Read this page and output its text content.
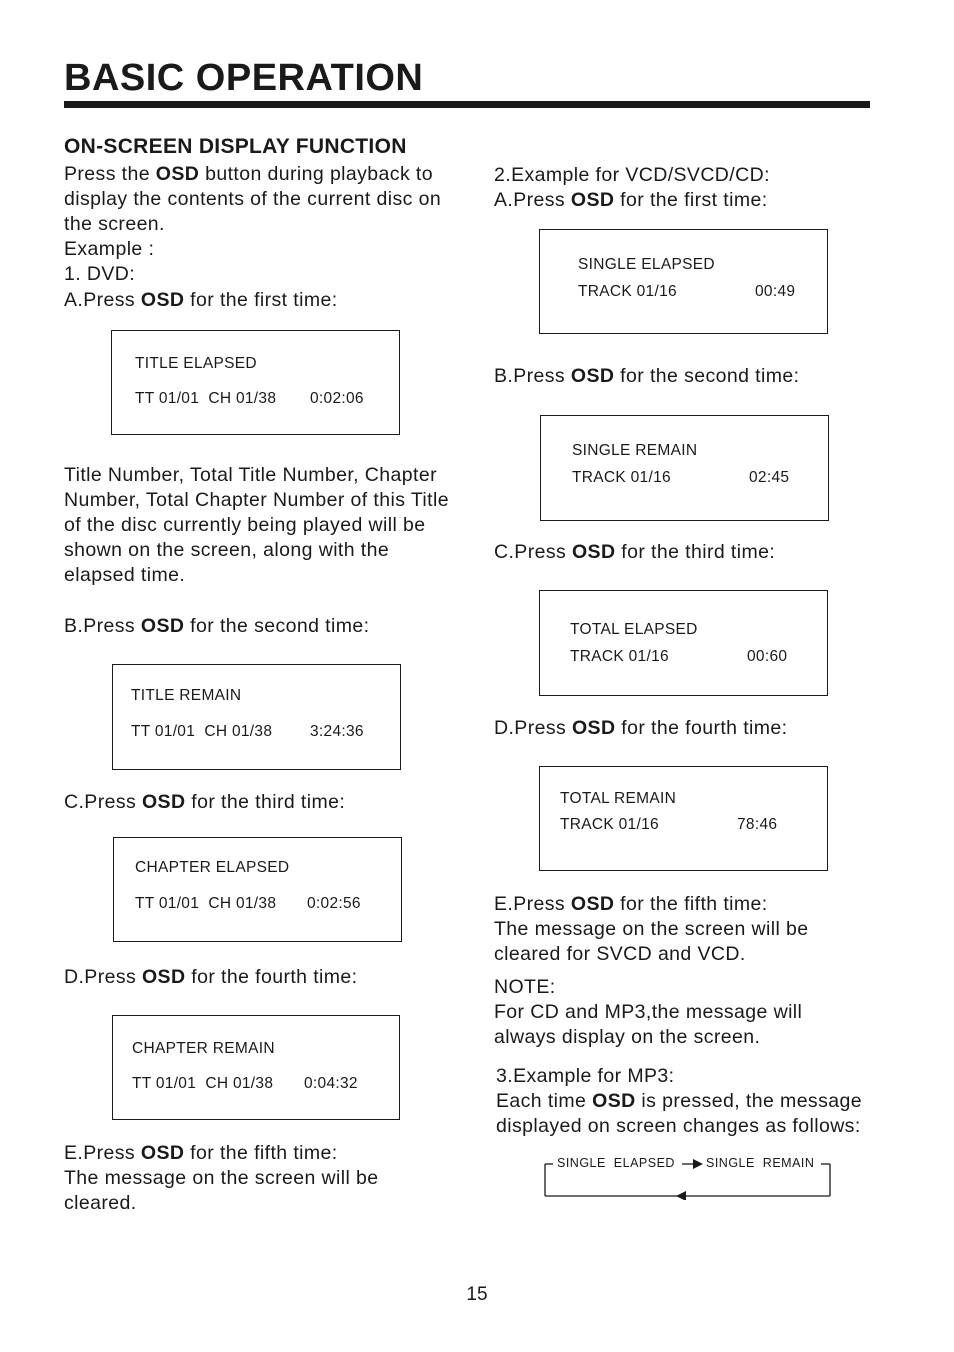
BASIC OPERATION
ON-SCREEN DISPLAY FUNCTION

Press the OSD button during playback to display the contents of the current disc on the screen.

Example :

1. DVD:

A.Press OSD for the first time:

TITLE ELAPSED
TT 01/01  CH 01/38 0:02:06

Title Number, Total Title Number, Chapter Number, Total Chapter Number of this Title of the disc currently being played will be shown on the screen, along with the elapsed time.

B.Press OSD for the second time:

TITLE REMAIN
TT 01/01  CH 01/38 3:24:36

C.Press OSD for the third time:

CHAPTER ELAPSED
TT 01/01  CH 01/38 0:02:56

D.Press OSD for the fourth time:

CHAPTER REMAIN
TT 01/01  CH 01/38 0:04:32

E.Press OSD for the fifth time:

The message on the screen will be cleared.

2.Example for VCD/SVCD/CD:

A.Press OSD for the first time:

SINGLE ELAPSED
TRACK 01/16	00:49

B.Press OSD for the second time:

SINGLE REMAIN
TRACK 01/16	02:45

C.Press OSD for the third time:

TOTAL ELAPSED
TRACK 01/16	00:60

D.Press OSD for the fourth time:

TOTAL REMAIN
TRACK 01/16	78:46

E.Press OSD for the fifth time:

The message on the screen will be cleared for SVCD and VCD.

NOTE:

For CD and MP3,the message will always display on the screen.

3.Example for MP3:

Each time OSD is pressed, the message displayed on screen changes as follows:

SINGLE  ELAPSED SINGLE  REMAIN
15
